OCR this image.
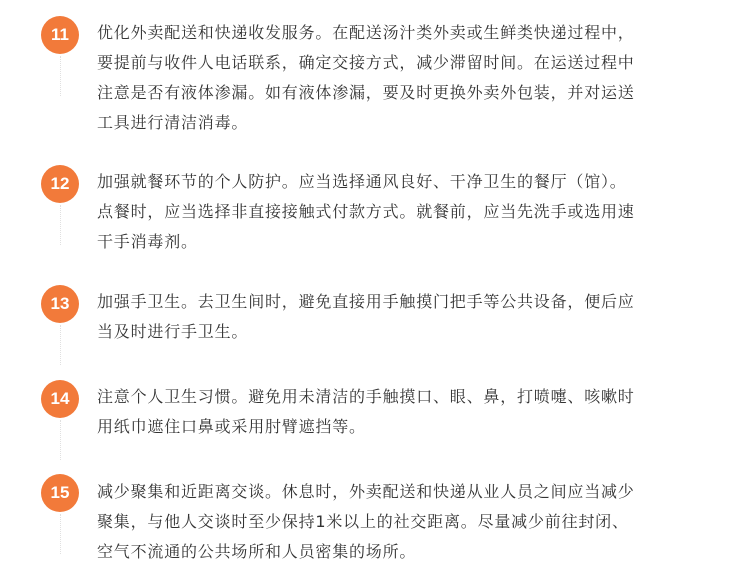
11	优化外卖配送和快递收发服务。在配送汤汁类外卖或生鲜类快递过程中，
要提前与收件人电话联系，确定交接方式，减少滞留时间。在运送过程中
注意是否有液体渗漏。如有液体渗漏，要及时更换外卖外包装，并对运送
工具进行清洁消毒。
12	加强就餐环节的个人防护。应当选择通风良好、干净卫生的餐厅（馆）。
点餐时，应当选择非直接接触式付款方式。就餐前，应当先洗手或选用速
干手消毒剂。
13	加强手卫生。去卫生间时，避免直接用手触摸门把手等公共设备，便后应
当及时进行手卫生。
14	注意个人卫生习惯。避免用未清洁的手触摸口、眼、鼻，打喷嚏、咳嗽时
用纸巾遮住口鼻或采用肘臂遮挡等。
15	减少聚集和近距离交谈。休息时，外卖配送和快递从业人员之间应当减少
聚集，与他人交谈时至少保持1米以上的社交距离。尽量减少前往封闭、
空气不流通的公共场所和人员密集的场所。
